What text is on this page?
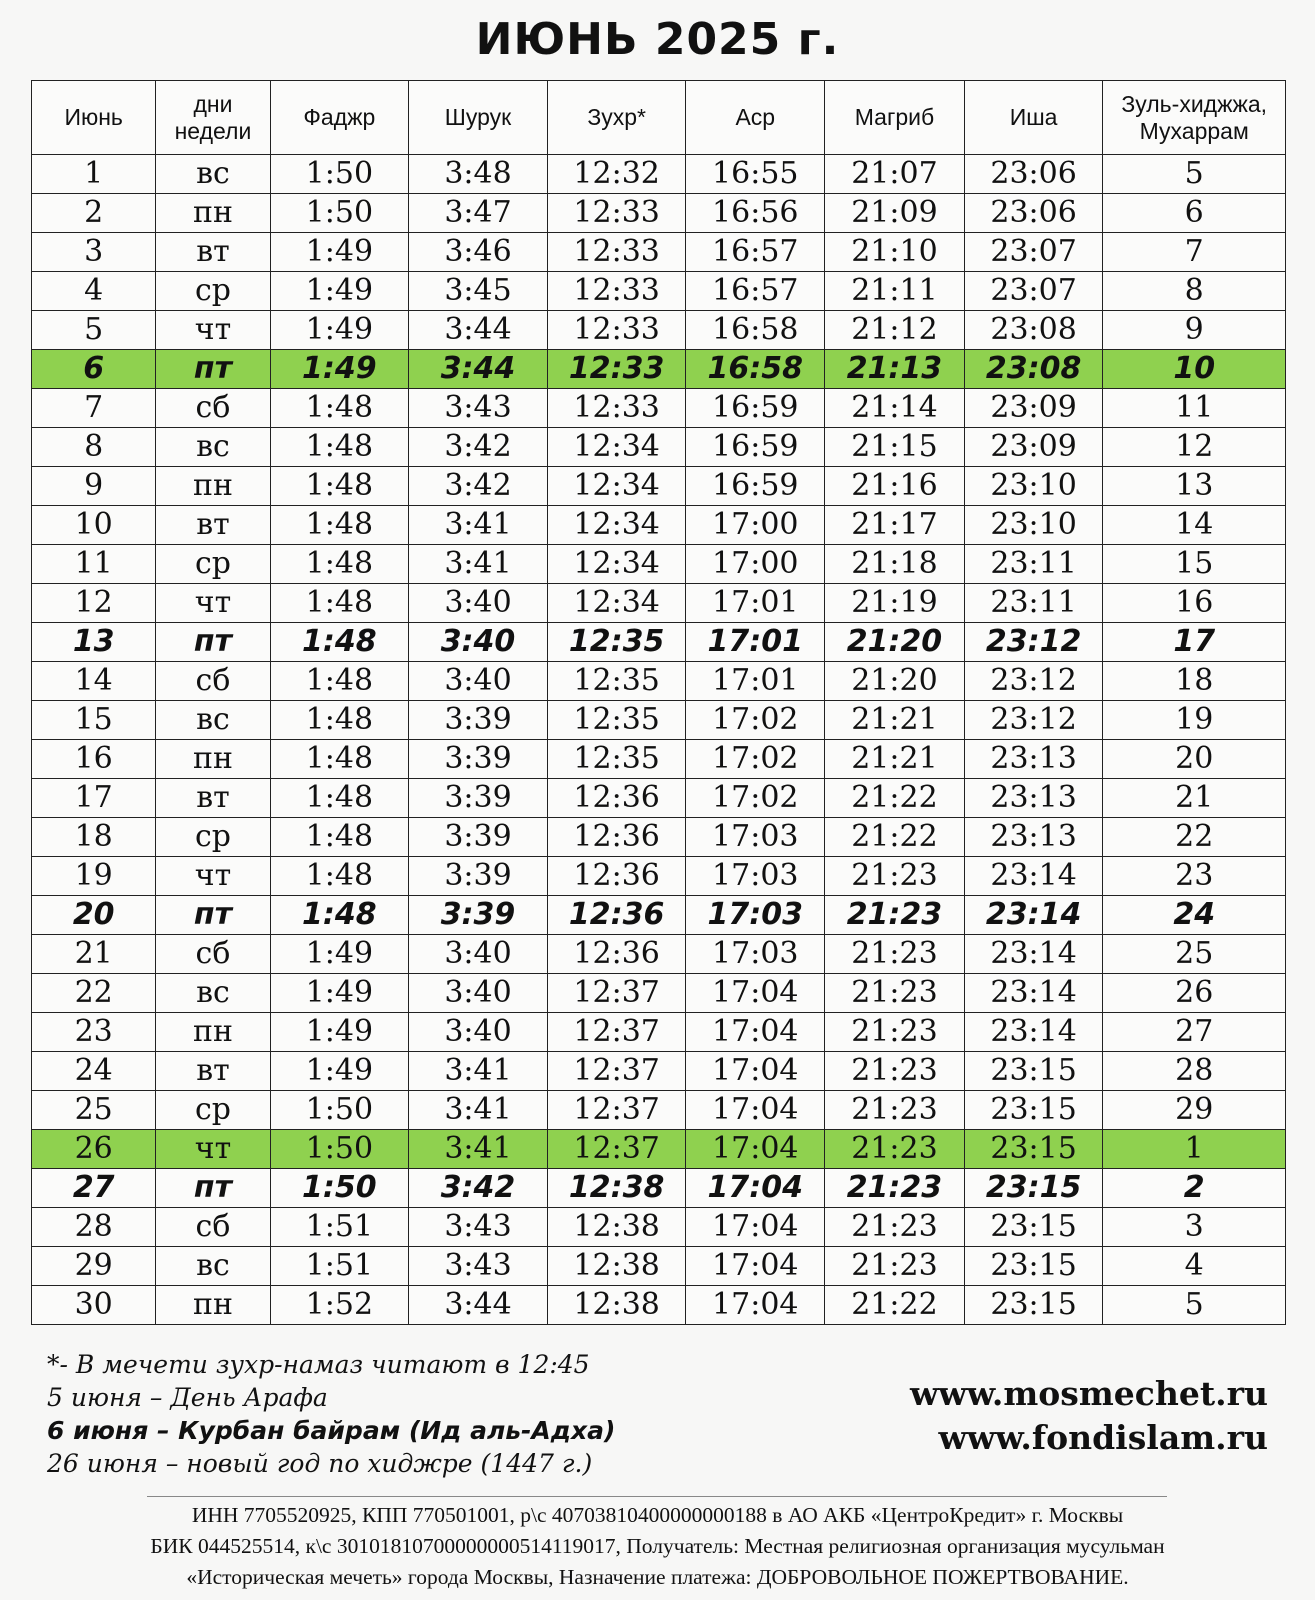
ИЮНЬ 2025 г.
Июнь	дни недели	Фаджр	Шурук	Зухр*	Аср	Магриб	Иша	Зуль-хиджжа, Мухаррам
1	вс	1:50	3:48	12:32	16:55	21:07	23:06	5
2	пн	1:50	3:47	12:33	16:56	21:09	23:06	6
3	вт	1:49	3:46	12:33	16:57	21:10	23:07	7
4	ср	1:49	3:45	12:33	16:57	21:11	23:07	8
5	чт	1:49	3:44	12:33	16:58	21:12	23:08	9
6	пт	1:49	3:44	12:33	16:58	21:13	23:08	10
7	сб	1:48	3:43	12:33	16:59	21:14	23:09	11
8	вс	1:48	3:42	12:34	16:59	21:15	23:09	12
9	пн	1:48	3:42	12:34	16:59	21:16	23:10	13
10	вт	1:48	3:41	12:34	17:00	21:17	23:10	14
11	ср	1:48	3:41	12:34	17:00	21:18	23:11	15
12	чт	1:48	3:40	12:34	17:01	21:19	23:11	16
13	пт	1:48	3:40	12:35	17:01	21:20	23:12	17
14	сб	1:48	3:40	12:35	17:01	21:20	23:12	18
15	вс	1:48	3:39	12:35	17:02	21:21	23:12	19
16	пн	1:48	3:39	12:35	17:02	21:21	23:13	20
17	вт	1:48	3:39	12:36	17:02	21:22	23:13	21
18	ср	1:48	3:39	12:36	17:03	21:22	23:13	22
19	чт	1:48	3:39	12:36	17:03	21:23	23:14	23
20	пт	1:48	3:39	12:36	17:03	21:23	23:14	24
21	сб	1:49	3:40	12:36	17:03	21:23	23:14	25
22	вс	1:49	3:40	12:37	17:04	21:23	23:14	26
23	пн	1:49	3:40	12:37	17:04	21:23	23:14	27
24	вт	1:49	3:41	12:37	17:04	21:23	23:15	28
25	ср	1:50	3:41	12:37	17:04	21:23	23:15	29
26	чт	1:50	3:41	12:37	17:04	21:23	23:15	1
27	пт	1:50	3:42	12:38	17:04	21:23	23:15	2
28	сб	1:51	3:43	12:38	17:04	21:23	23:15	3
29	вс	1:51	3:43	12:38	17:04	21:23	23:15	4
30	пн	1:52	3:44	12:38	17:04	21:22	23:15	5
*- В мечети зухр-намаз читают в 12:45
5 июня – День Арафа
6 июня – Курбан байрам (Ид аль-Адха)
26 июня – новый год по хиджре (1447 г.)
www.mosmechet.ru
www.fondislam.ru
ИНН 7705520925, КПП 770501001, р\с 40703810400000000188 в АО АКБ «ЦентроКредит» г. Москвы
БИК 044525514, к\с 30101810700000000514119017, Получатель: Местная религиозная организация мусульман
«Историческая мечеть» города Москвы, Назначение платежа: ДОБРОВОЛЬНОЕ ПОЖЕРТВОВАНИЕ.
